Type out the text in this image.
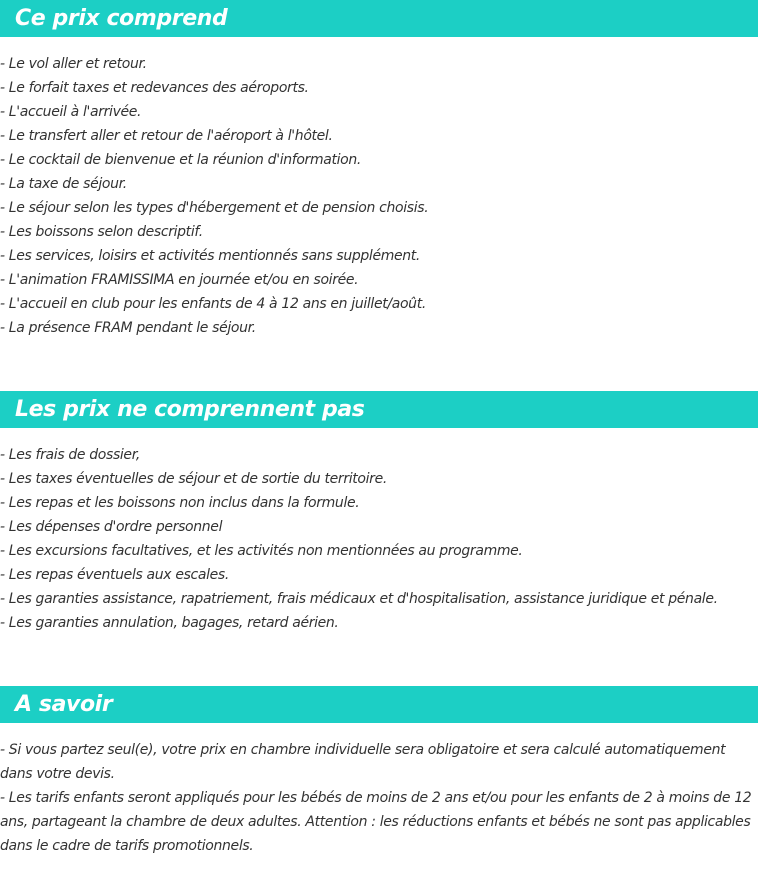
Ce prix comprend
- Le vol aller et retour.
- Le forfait taxes et redevances des aéroports.
- L'accueil à l'arrivée.
- Le transfert aller et retour de l'aéroport à l'hôtel.
- Le cocktail de bienvenue et la réunion d'information.
- La taxe de séjour.
- Le séjour selon les types d'hébergement et de pension choisis.
- Les boissons selon descriptif.
- Les services, loisirs et activités mentionnés sans supplément.
- L'animation FRAMISSIMA en journée et/ou en soirée.
- L'accueil en club pour les enfants de 4 à 12 ans en juillet/août.
- La présence FRAM pendant le séjour.
Les prix ne comprennent pas
- Les frais de dossier,
- Les taxes éventuelles de séjour et de sortie du territoire.
- Les repas et les boissons non inclus dans la formule.
- Les dépenses d'ordre personnel
- Les excursions facultatives, et les activités non mentionnées au programme.
- Les repas éventuels aux escales.
- Les garanties assistance, rapatriement, frais médicaux et d'hospitalisation, assistance juridique et pénale.
- Les garanties annulation, bagages, retard aérien.
A savoir
- Si vous partez seul(e), votre prix en chambre individuelle sera obligatoire et sera calculé automatiquement dans votre devis.
- Les tarifs enfants seront appliqués pour les bébés de moins de 2 ans et/ou pour les enfants de 2 à moins de 12 ans, partageant la chambre de deux adultes. Attention : les réductions enfants et bébés ne sont pas applicables dans le cadre de tarifs promotionnels.
